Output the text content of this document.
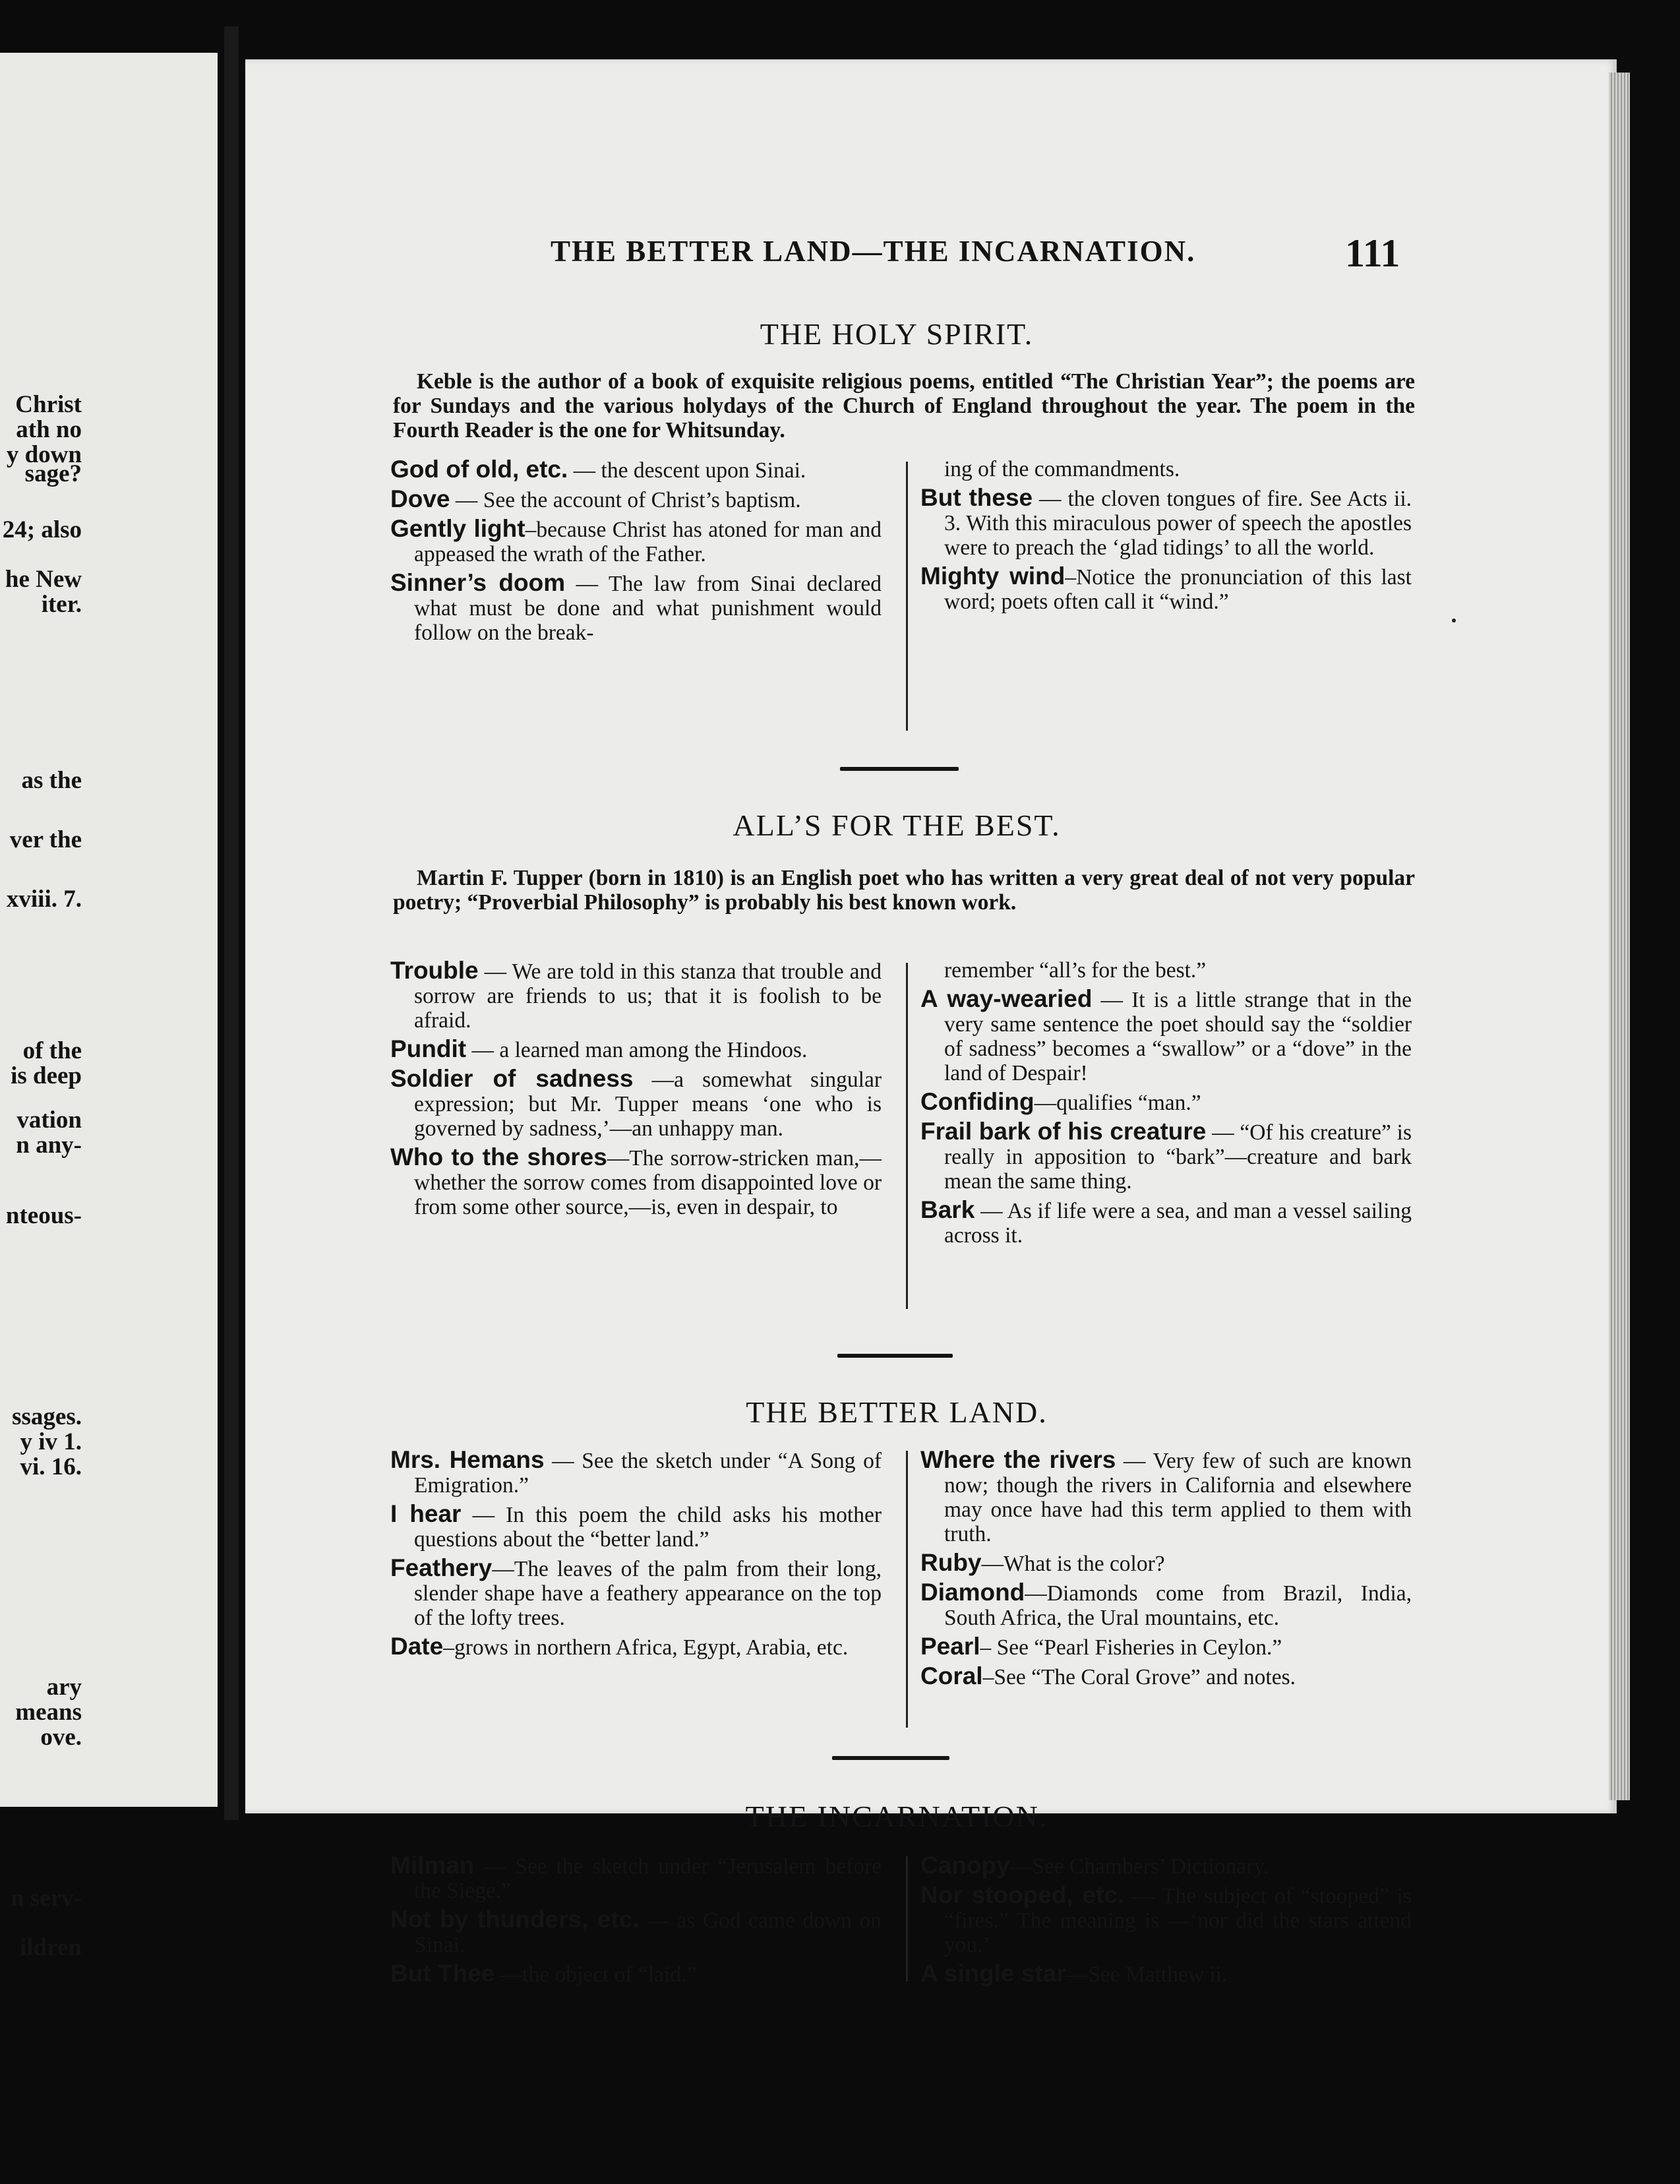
Christ
ath no
y down
sage?
24; also
he New
iter.
as the
ver the
xviii. 7.
of the
is deep
vation
n any-
nteous-
ssages.
y iv 1.
vi. 16.
ary
means
ove.
n serv-
ildren
THE BETTER LAND—THE INCARNATION.	111
THE HOLY SPIRIT.
Keble is the author of a book of exquisite religious poems, entitled “The Christian Year”; the poems are for Sundays and the various holydays of the Church of England throughout the year. The poem in the Fourth Reader is the one for Whitsunday.
God of old, etc. — the descent upon Sinai.
Dove — See the account of Christ’s baptism.
Gently light–because Christ has atoned for man and appeased the wrath of the Father.
Sinner’s doom — The law from Sinai declared what must be done and what punishment would follow on the break-
ing of the commandments.
But these — the cloven tongues of fire. See Acts ii. 3. With this miraculous power of speech the apostles were to preach the ‘glad tidings’ to all the world.
Mighty wind–Notice the pronunciation of this last word; poets often call it “wind.”
ALL’S FOR THE BEST.
Martin F. Tupper (born in 1810) is an English poet who has written a very great deal of not very popular poetry; “Proverbial Philosophy” is probably his best known work.
Trouble — We are told in this stanza that trouble and sorrow are friends to us; that it is foolish to be afraid.
Pundit — a learned man among the Hindoos.
Soldier of sadness —a somewhat singular expression; but Mr. Tupper means ‘one who is governed by sadness,’—an unhappy man.
Who to the shores—The sorrow-stricken man,—whether the sorrow comes from disappointed love or from some other source,—is, even in despair, to
remember “all’s for the best.”
A way-wearied — It is a little strange that in the very same sentence the poet should say the “soldier of sadness” becomes a “swallow” or a “dove” in the land of Despair!
Confiding—qualifies “man.”
Frail bark of his creature — “Of his creature” is really in apposition to “bark”—creature and bark mean the same thing.
Bark — As if life were a sea, and man a vessel sailing across it.
THE BETTER LAND.
Mrs. Hemans — See the sketch under “A Song of Emigration.”
I hear — In this poem the child asks his mother questions about the “better land.”
Feathery—The leaves of the palm from their long, slender shape have a feathery appearance on the top of the lofty trees.
Date–grows in northern Africa, Egypt, Arabia, etc.
Where the rivers — Very few of such are known now; though the rivers in California and elsewhere may once have had this term applied to them with truth.
Ruby—What is the color?
Diamond—Diamonds come from Brazil, India, South Africa, the Ural mountains, etc.
Pearl– See “Pearl Fisheries in Ceylon.”
Coral–See “The Coral Grove” and notes.
THE INCARNATION.
Milman — See the sketch under “Jerusalem before the Siege.”
Not by thunders, etc. — as God came down on Sinai.
But Thee —the object of “laid.”
Canopy—See Chambers’ Dictionary.
Nor stooped, etc. — The subject of “stooped” is “fires.” The meaning is —‘nor did the stars attend you.’
A single star—See Matthew ii.
